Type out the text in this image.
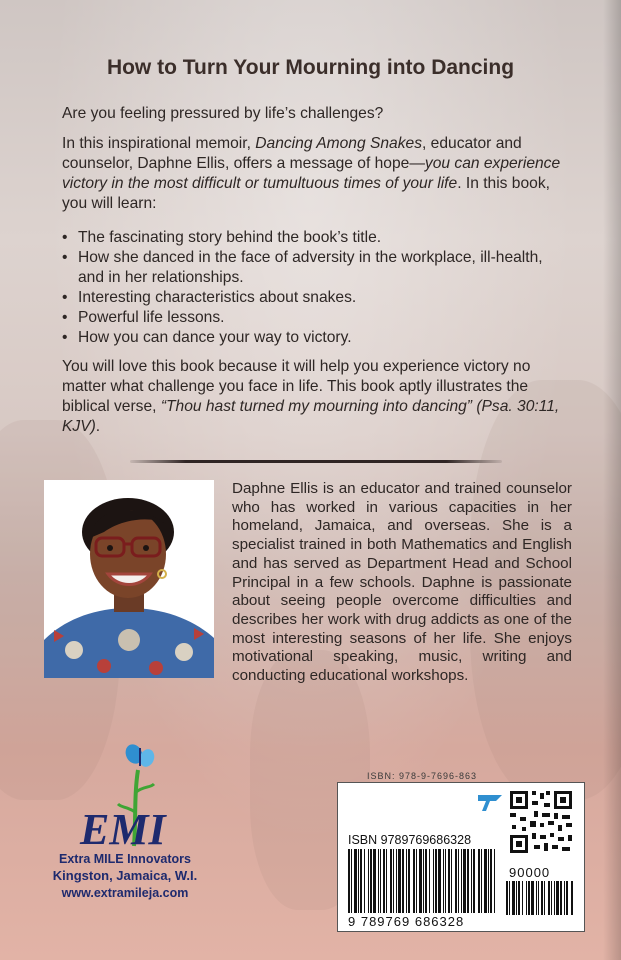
How to Turn Your Mourning into Dancing
Are you feeling pressured by life’s challenges?
In this inspirational memoir, Dancing Among Snakes, educator and counselor, Daphne Ellis, offers a message of hope—you can experience victory in the most difficult or tumultuous times of your life. In this book, you will learn:
• The fascinating story behind the book’s title.
• How she danced in the face of adversity in the workplace, ill-health, and in her relationships.
• Interesting characteristics about snakes.
• Powerful life lessons.
• How you can dance your way to victory.
You will love this book because it will help you experience victory no matter what challenge you face in life. This book aptly illustrates the biblical verse, “Thou hast turned my mourning into dancing” (Psa. 30:11, KJV).
Daphne Ellis is an educator and trained counselor who has worked in various capacities in her homeland, Jamaica, and overseas. She is a specialist trained in both Mathematics and English and has served as Department Head and School Principal in a few schools. Daphne is passionate about seeing people overcome difficulties and describes her work with drug addicts as one of the most interesting seasons of her life. She enjoys motivational speaking, music, writing and conducting educational workshops.
EMI
Extra MILE Innovators
Kingston, Jamaica, W.I.
www.extramileja.com
ISBN: 978-9-7696-863
ISBN 9789769686328
9 789769 686328
90000
